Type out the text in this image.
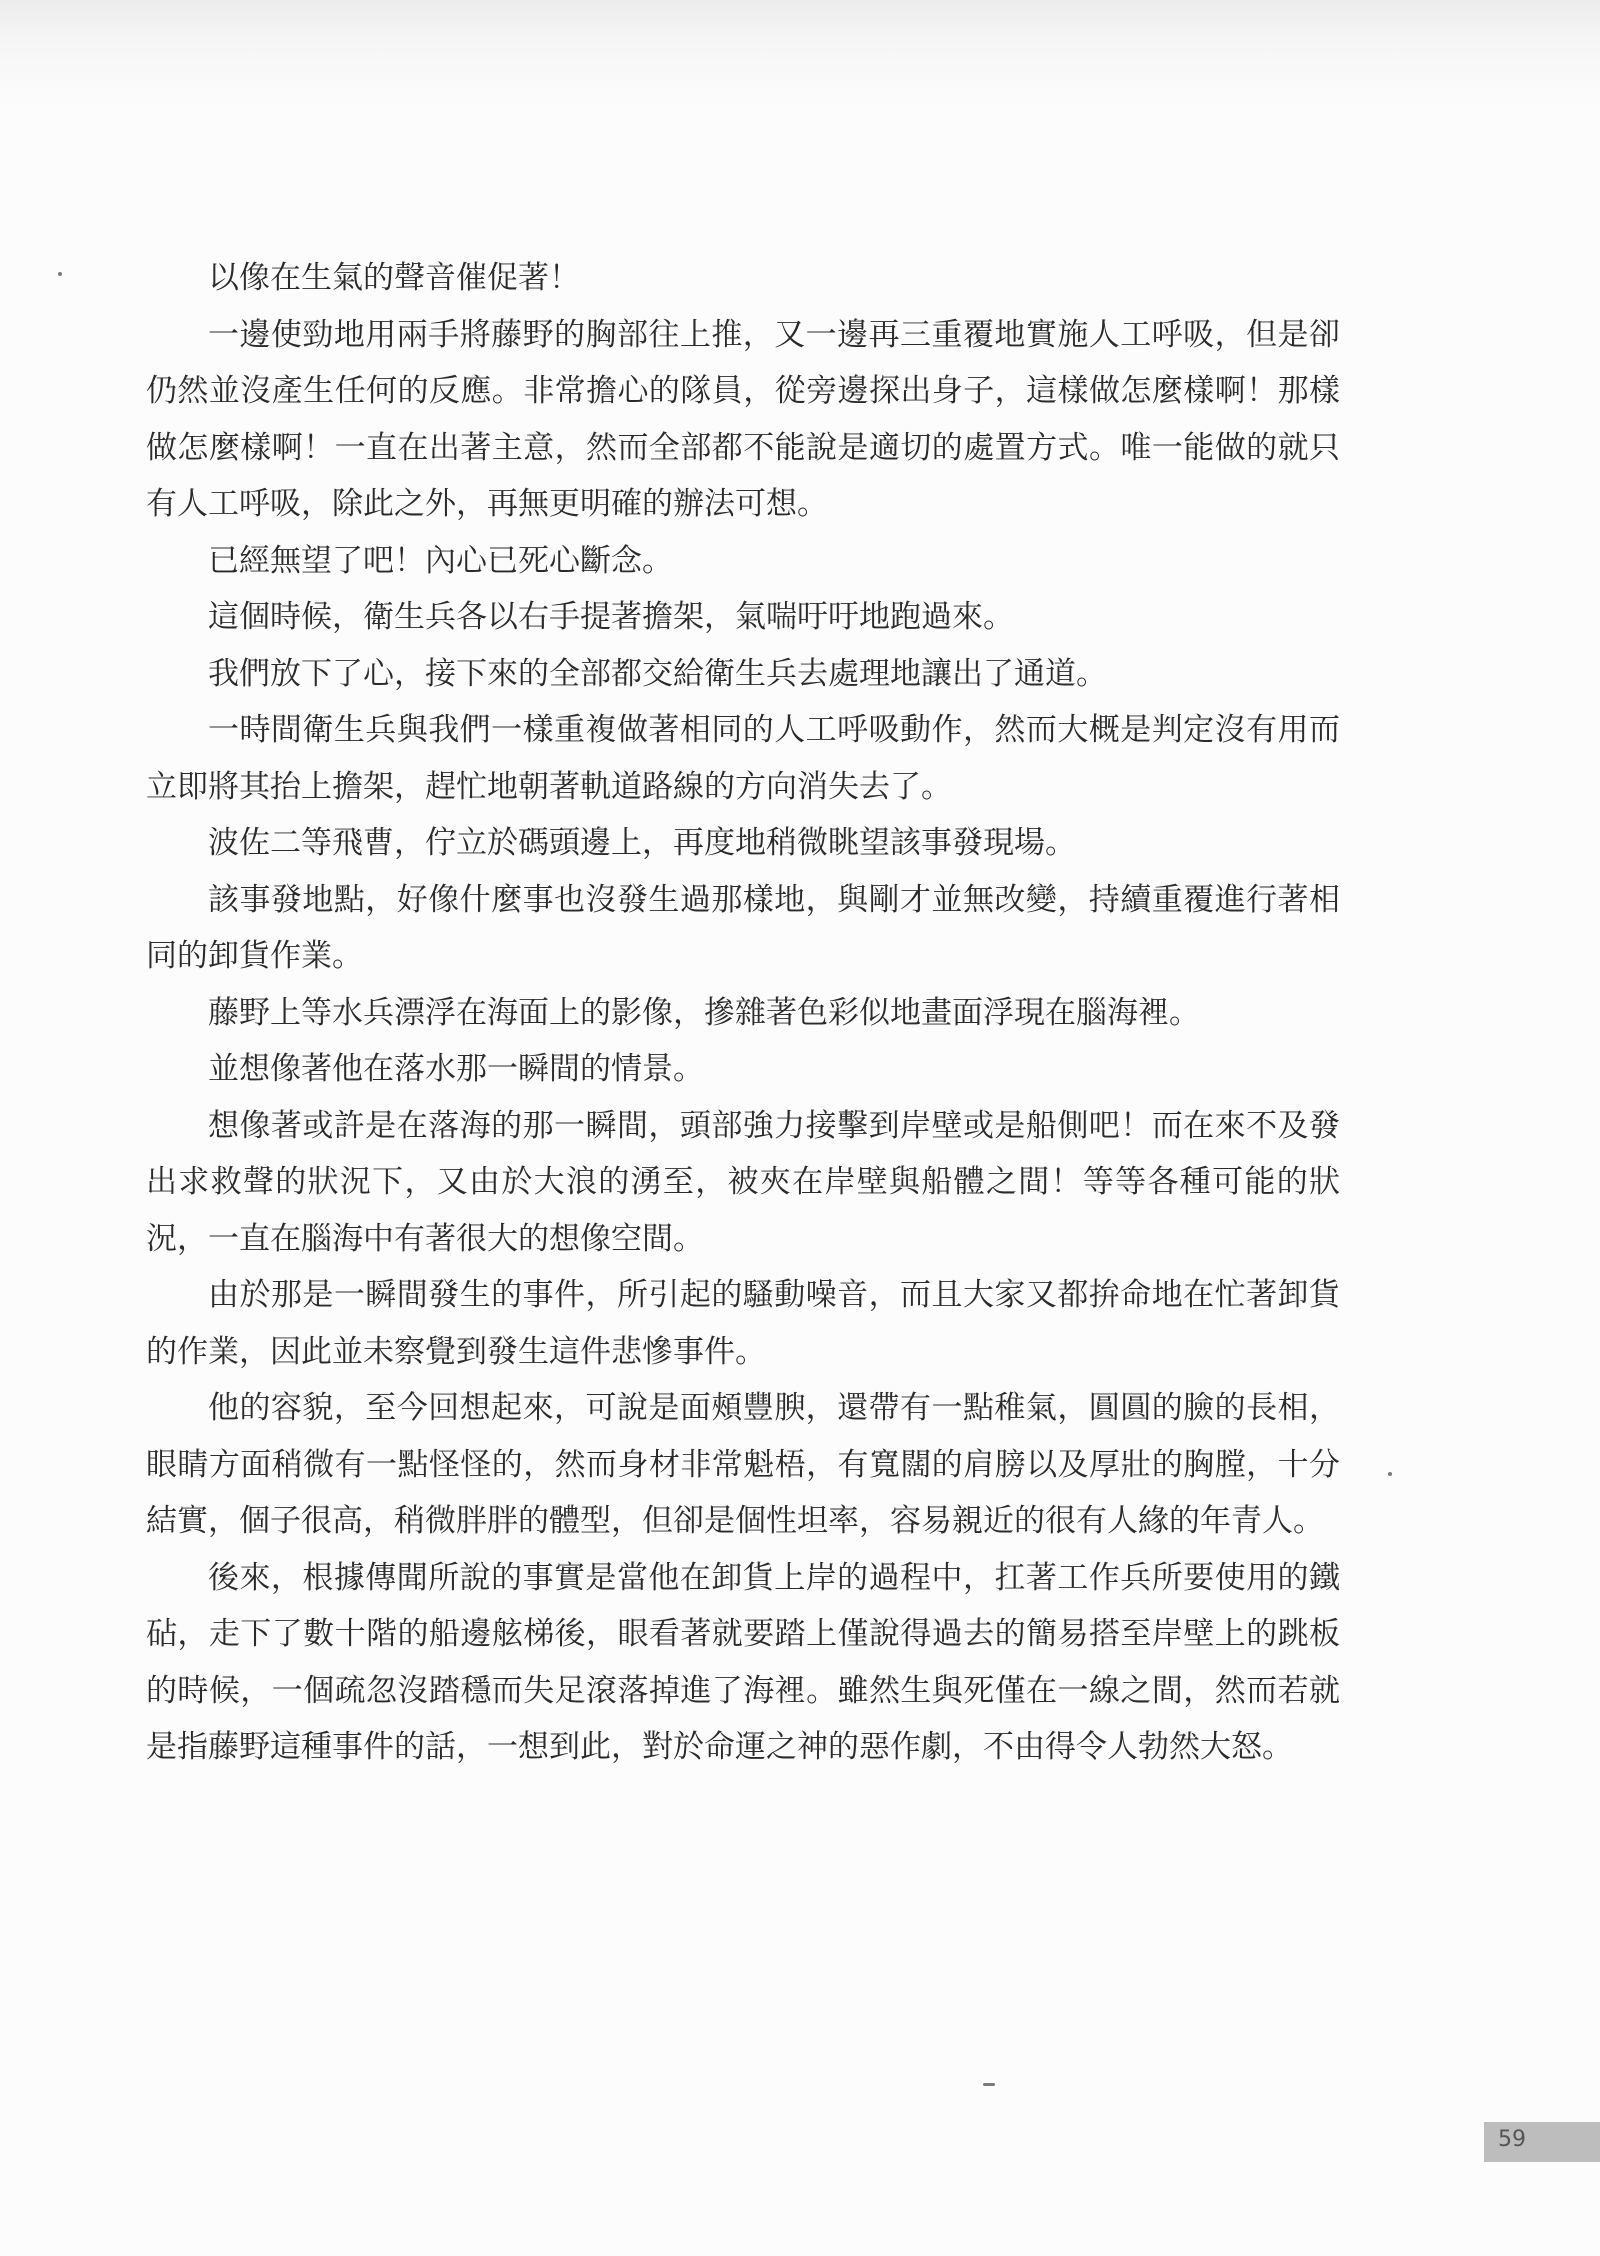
以像在生氣的聲音催促著！

一邊使勁地用兩手將藤野的胸部往上推，又一邊再三重覆地實施人工呼吸，但是卻仍然並沒產生任何的反應。非常擔心的隊員，從旁邊探出身子，這樣做怎麼樣啊！那樣做怎麼樣啊！一直在出著主意，然而全部都不能說是適切的處置方式。唯一能做的就只有人工呼吸，除此之外，再無更明確的辦法可想。

已經無望了吧！內心已死心斷念。

這個時候，衛生兵各以右手提著擔架，氣喘吁吁地跑過來。

我們放下了心，接下來的全部都交給衛生兵去處理地讓出了通道。

一時間衛生兵與我們一樣重複做著相同的人工呼吸動作，然而大概是判定沒有用而立即將其抬上擔架，趕忙地朝著軌道路線的方向消失去了。

波佐二等飛曹，佇立於碼頭邊上，再度地稍微眺望該事發現場。

該事發地點，好像什麼事也沒發生過那樣地，與剛才並無改變，持續重覆進行著相同的卸貨作業。

藤野上等水兵漂浮在海面上的影像，摻雜著色彩似地畫面浮現在腦海裡。

並想像著他在落水那一瞬間的情景。

想像著或許是在落海的那一瞬間，頭部強力接擊到岸壁或是船側吧！而在來不及發出求救聲的狀況下，又由於大浪的湧至，被夾在岸壁與船體之間！等等各種可能的狀況，一直在腦海中有著很大的想像空間。

由於那是一瞬間發生的事件，所引起的騷動噪音，而且大家又都拚命地在忙著卸貨的作業，因此並未察覺到發生這件悲慘事件。

他的容貌，至今回想起來，可說是面頰豐腴，還帶有一點稚氣，圓圓的臉的長相，眼睛方面稍微有一點怪怪的，然而身材非常魁梧，有寬闊的肩膀以及厚壯的胸膛，十分結實，個子很高，稍微胖胖的體型，但卻是個性坦率，容易親近的很有人緣的年青人。

後來，根據傳聞所說的事實是當他在卸貨上岸的過程中，扛著工作兵所要使用的鐵砧，走下了數十階的船邊舷梯後，眼看著就要踏上僅說得過去的簡易搭至岸壁上的跳板的時候，一個疏忽沒踏穩而失足滾落掉進了海裡。雖然生與死僅在一線之間，然而若就是指藤野這種事件的話，一想到此，對於命運之神的惡作劇，不由得令人勃然大怒。

59
